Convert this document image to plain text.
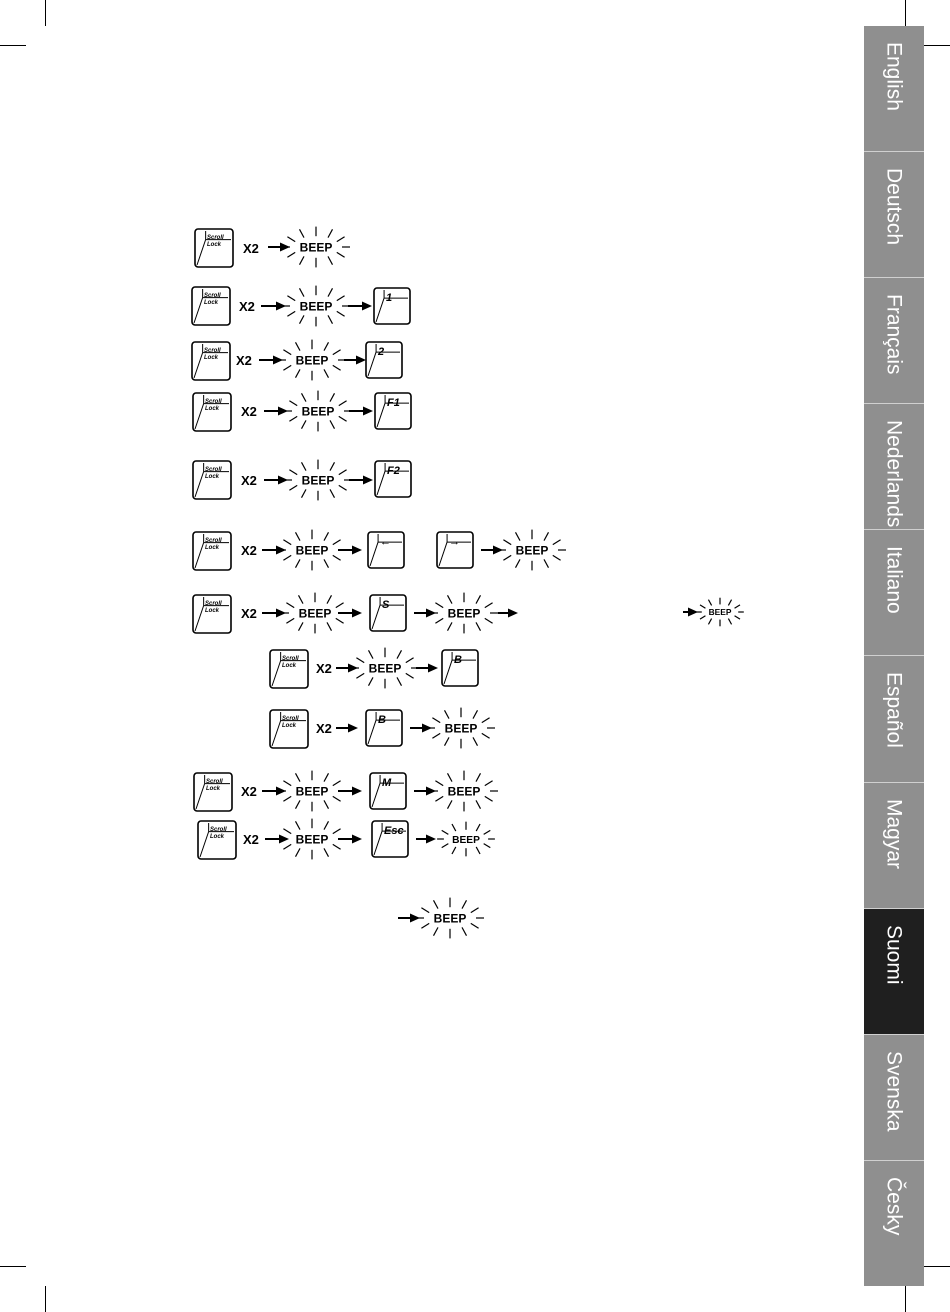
English
Deutsch
Français
Nederlands
Italiano
Español
Magyar
Suomi
Svenska
Česky
Scroll
Lock X2	BEEP
Scroll
Lock X2	BEEP
1
Scroll
Lock X2	BEEP
2
Scroll
Lock X2	BEEP
F1
Scroll
Lock X2	BEEP
F2
Scroll
Lock X2	BEEP
←	→
BEEP
Scroll
Lock X2	BEEP
S
BEEP	BEEP
Scroll
Lock X2	BEEP
B
Scroll
Lock X2
B
BEEP
Scroll
Lock X2	BEEP
M
BEEP
Scroll
Lock X2	BEEP
Esc
BEEP
BEEP
